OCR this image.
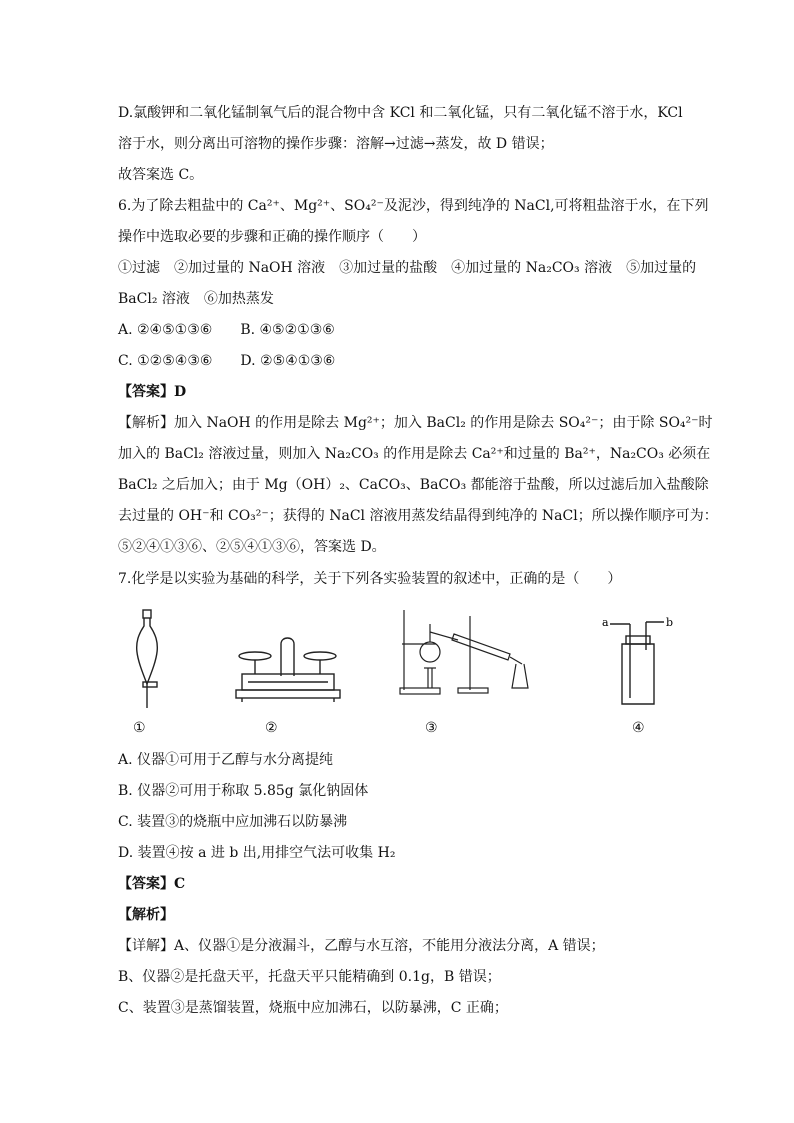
D.氯酸钾和二氧化锰制氧气后的混合物中含 KCl 和二氧化锰，只有二氧化锰不溶于水，KCl
溶于水，则分离出可溶物的操作步骤：溶解→过滤→蒸发，故 D 错误；
故答案选 C。
6.为了除去粗盐中的 Ca²⁺、Mg²⁺、SO₄²⁻及泥沙，得到纯净的 NaCl,可将粗盐溶于水，在下列
操作中选取必要的步骤和正确的操作顺序（　　）
①过滤　②加过量的 NaOH 溶液　③加过量的盐酸　④加过量的 Na₂CO₃ 溶液　⑤加过量的
BaCl₂ 溶液　⑥加热蒸发
A. ②④⑤①③⑥　　B. ④⑤②①③⑥
C. ①②⑤④③⑥　　D. ②⑤④①③⑥
【答案】D
【解析】加入 NaOH 的作用是除去 Mg²⁺；加入 BaCl₂ 的作用是除去 SO₄²⁻；由于除 SO₄²⁻时
加入的 BaCl₂ 溶液过量，则加入 Na₂CO₃ 的作用是除去 Ca²⁺和过量的 Ba²⁺，Na₂CO₃ 必须在
BaCl₂ 之后加入；由于 Mg（OH）₂、CaCO₃、BaCO₃ 都能溶于盐酸，所以过滤后加入盐酸除
去过量的 OH⁻和 CO₃²⁻；获得的 NaCl 溶液用蒸发结晶得到纯净的 NaCl；所以操作顺序可为：
⑤②④①③⑥、②⑤④①③⑥，答案选 D。
7.化学是以实验为基础的科学，关于下列各实验装置的叙述中，正确的是（　　）
a	b
①	②	③	④
A. 仪器①可用于乙醇与水分离提纯
B. 仪器②可用于称取 5.85g 氯化钠固体
C. 装置③的烧瓶中应加沸石以防暴沸
D. 装置④按 a 进 b 出,用排空气法可收集 H₂
【答案】C
【解析】
【详解】A、仪器①是分液漏斗，乙醇与水互溶，不能用分液法分离，A 错误；
B、仪器②是托盘天平，托盘天平只能精确到 0.1g，B 错误；
C、装置③是蒸馏装置，烧瓶中应加沸石，以防暴沸，C 正确；
